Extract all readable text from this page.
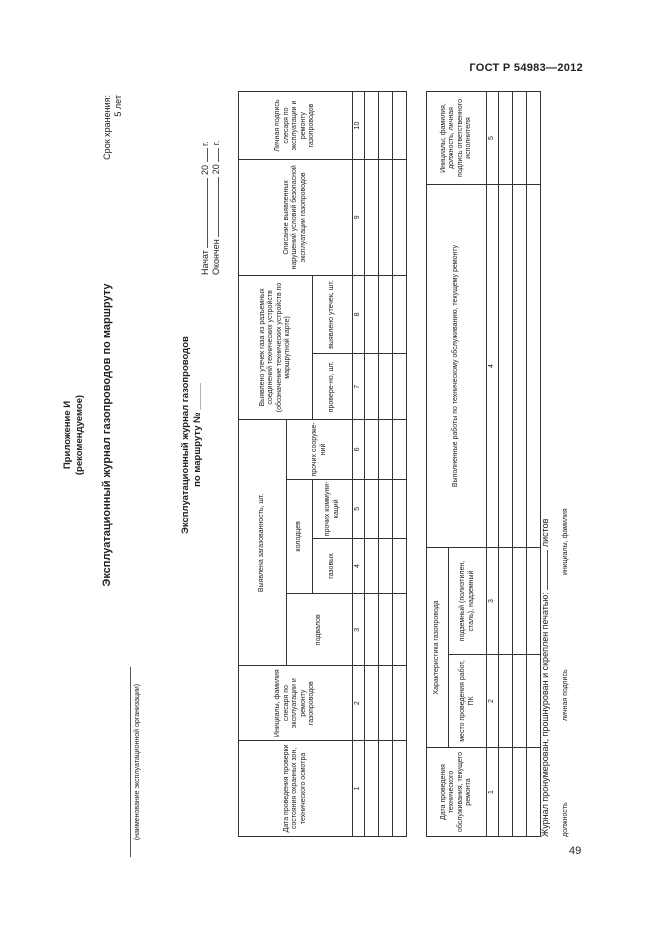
ГОСТ Р 54983—2012
49
Приложение И (рекомендуемое) Эксплуатационный журнал газопроводов по маршруту
(наименование эксплуатационной организации)
Срок хранения: 5 лет
Эксплуатационный журнал газопроводов по маршруту № _____
Начат  20  г.
Окончен  20  г.
Дата проведения проверки состояния охранных зон, технического осмотра	Инициалы, фамилия слесаря по эксплуатации и ремонту газопроводов	Выявлена загазованность, шт.				Выявлено утечек газа из разъемных соединений технических устройств (обозначение технических устройств по маршрутной карте)		Описание выявленных нарушений условий безопасной эксплуатации газопроводов	Личная подпись слесаря по эксплуатации и ремонту газопроводов
		подвалов	колодцев		прочих сооруже-ний				
			газовых	прочих коммуни-каций		провере-но, шт.	выявлено утечек, шт.		
1	2	3	4	5	6	7	8	9	10

Дата проведения технического обслуживания, текущего ремонта	Характеристика газопровода		Выполненные работы по техническому обслуживанию, текущему ремонту	Инициалы, фамилия, должность, личная подпись ответственного исполнителя
	место проведения работ, ПК	подземный (полиэтилен, сталь), надземный		
1	2	3	4	5

Журнал пронумерован, прошнурован и скреплен печатью:  листов
должность
личная подпись
инициалы, фамилия
